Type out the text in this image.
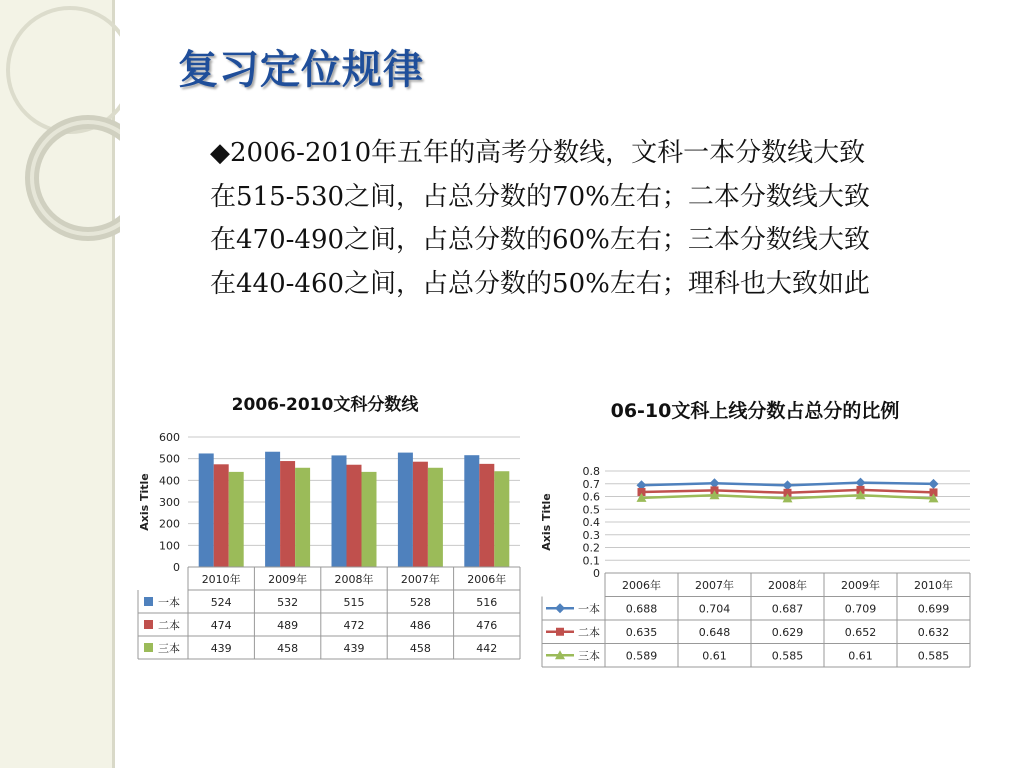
复习定位规律
◆2006-2010年五年的高考分数线，文科一本分数线大致在515-530之间，占总分数的70%左右；二本分数线大致在470-490之间，占总分数的60%左右；三本分数线大致在440-460之间，占总分数的50%左右；理科也大致如此
2006-2010文科分数线
0
100
200
300
400
500
600
Axis Title
2010年 2009年 2008年 2007年 2006年
一本	524	532	515	528	516
二本	474	489	472	486	476
三本	439	458	439	458	442
06-10文科上线分数占总分的比例
0
0.1
0.2
0.3
0.4
0.5
0.6
0.7
0.8
Axis Title
2006年	2007年	2008年	2009年	2010年
一本 0.688	0.704	0.687	0.709	0.699
二本 0.635	0.648	0.629	0.652	0.632
三本 0.589	0.61	0.585	0.61	0.585
